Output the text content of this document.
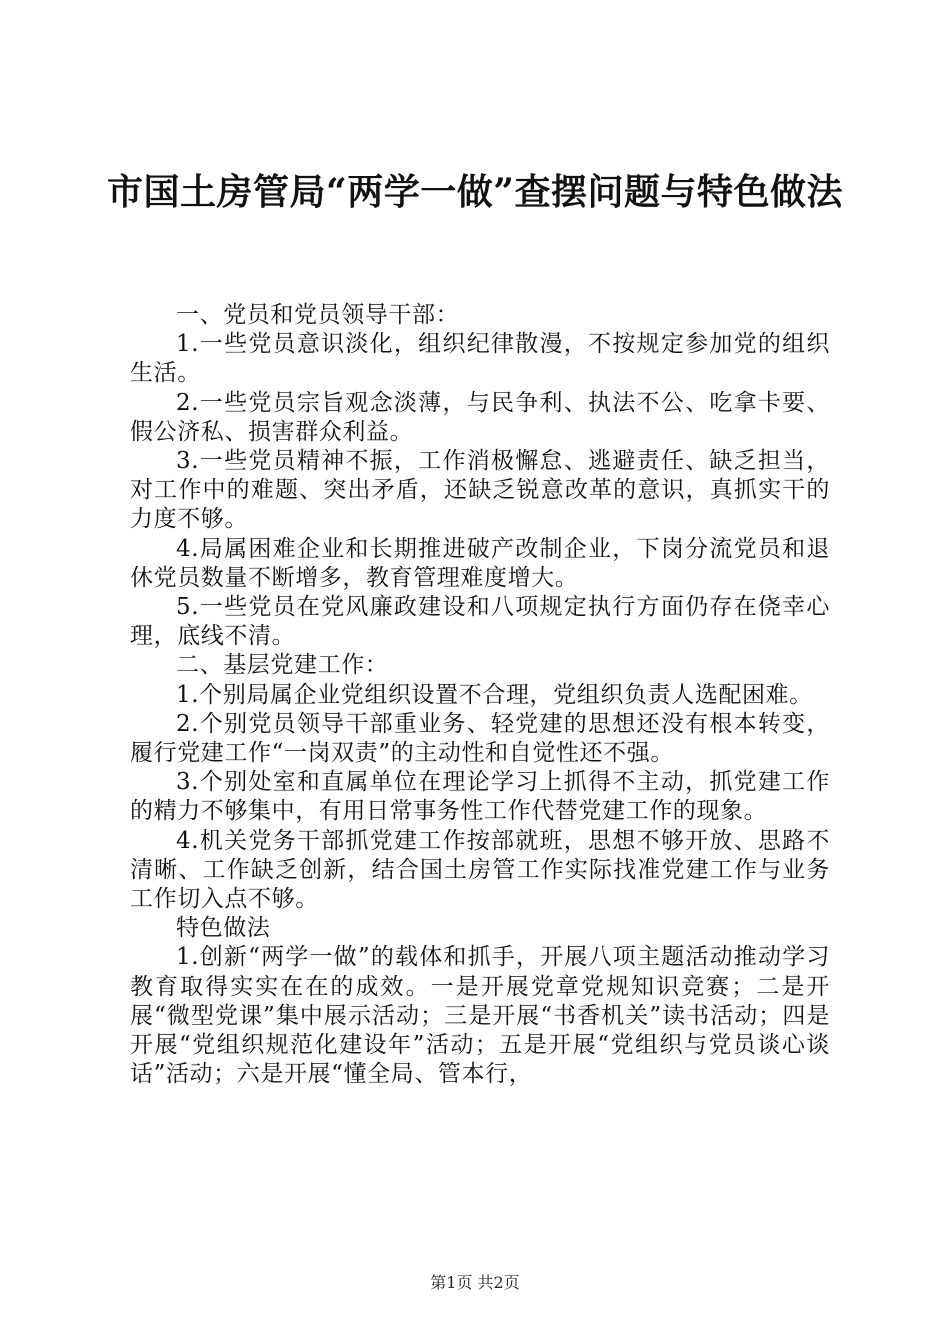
市国土房管局“两学一做”查摆问题与特色做法

一、党员和党员领导干部：

1.一些党员意识淡化，组织纪律散漫，不按规定参加党的组织生活。

2.一些党员宗旨观念淡薄，与民争利、执法不公、吃拿卡要、假公济私、损害群众利益。

3.一些党员精神不振，工作消极懈怠、逃避责任、缺乏担当，对工作中的难题、突出矛盾，还缺乏锐意改革的意识，真抓实干的力度不够。

4.局属困难企业和长期推进破产改制企业，下岗分流党员和退休党员数量不断增多，教育管理难度增大。

5.一些党员在党风廉政建设和八项规定执行方面仍存在侥幸心理，底线不清。

二、基层党建工作：

1.个别局属企业党组织设置不合理，党组织负责人选配困难。

2.个别党员领导干部重业务、轻党建的思想还没有根本转变，履行党建工作“一岗双责”的主动性和自觉性还不强。

3.个别处室和直属单位在理论学习上抓得不主动，抓党建工作的精力不够集中，有用日常事务性工作代替党建工作的现象。

4.机关党务干部抓党建工作按部就班，思想不够开放、思路不清晰、工作缺乏创新，结合国土房管工作实际找准党建工作与业务工作切入点不够。

特色做法

1.创新“两学一做”的载体和抓手，开展八项主题活动推动学习教育取得实实在在的成效。一是开展党章党规知识竞赛；二是开展“微型党课”集中展示活动；三是开展“书香机关”读书活动；四是开展“党组织规范化建设年”活动；五是开展“党组织与党员谈心谈话”活动；六是开展“懂全局、管本行，

第1页 共2页
